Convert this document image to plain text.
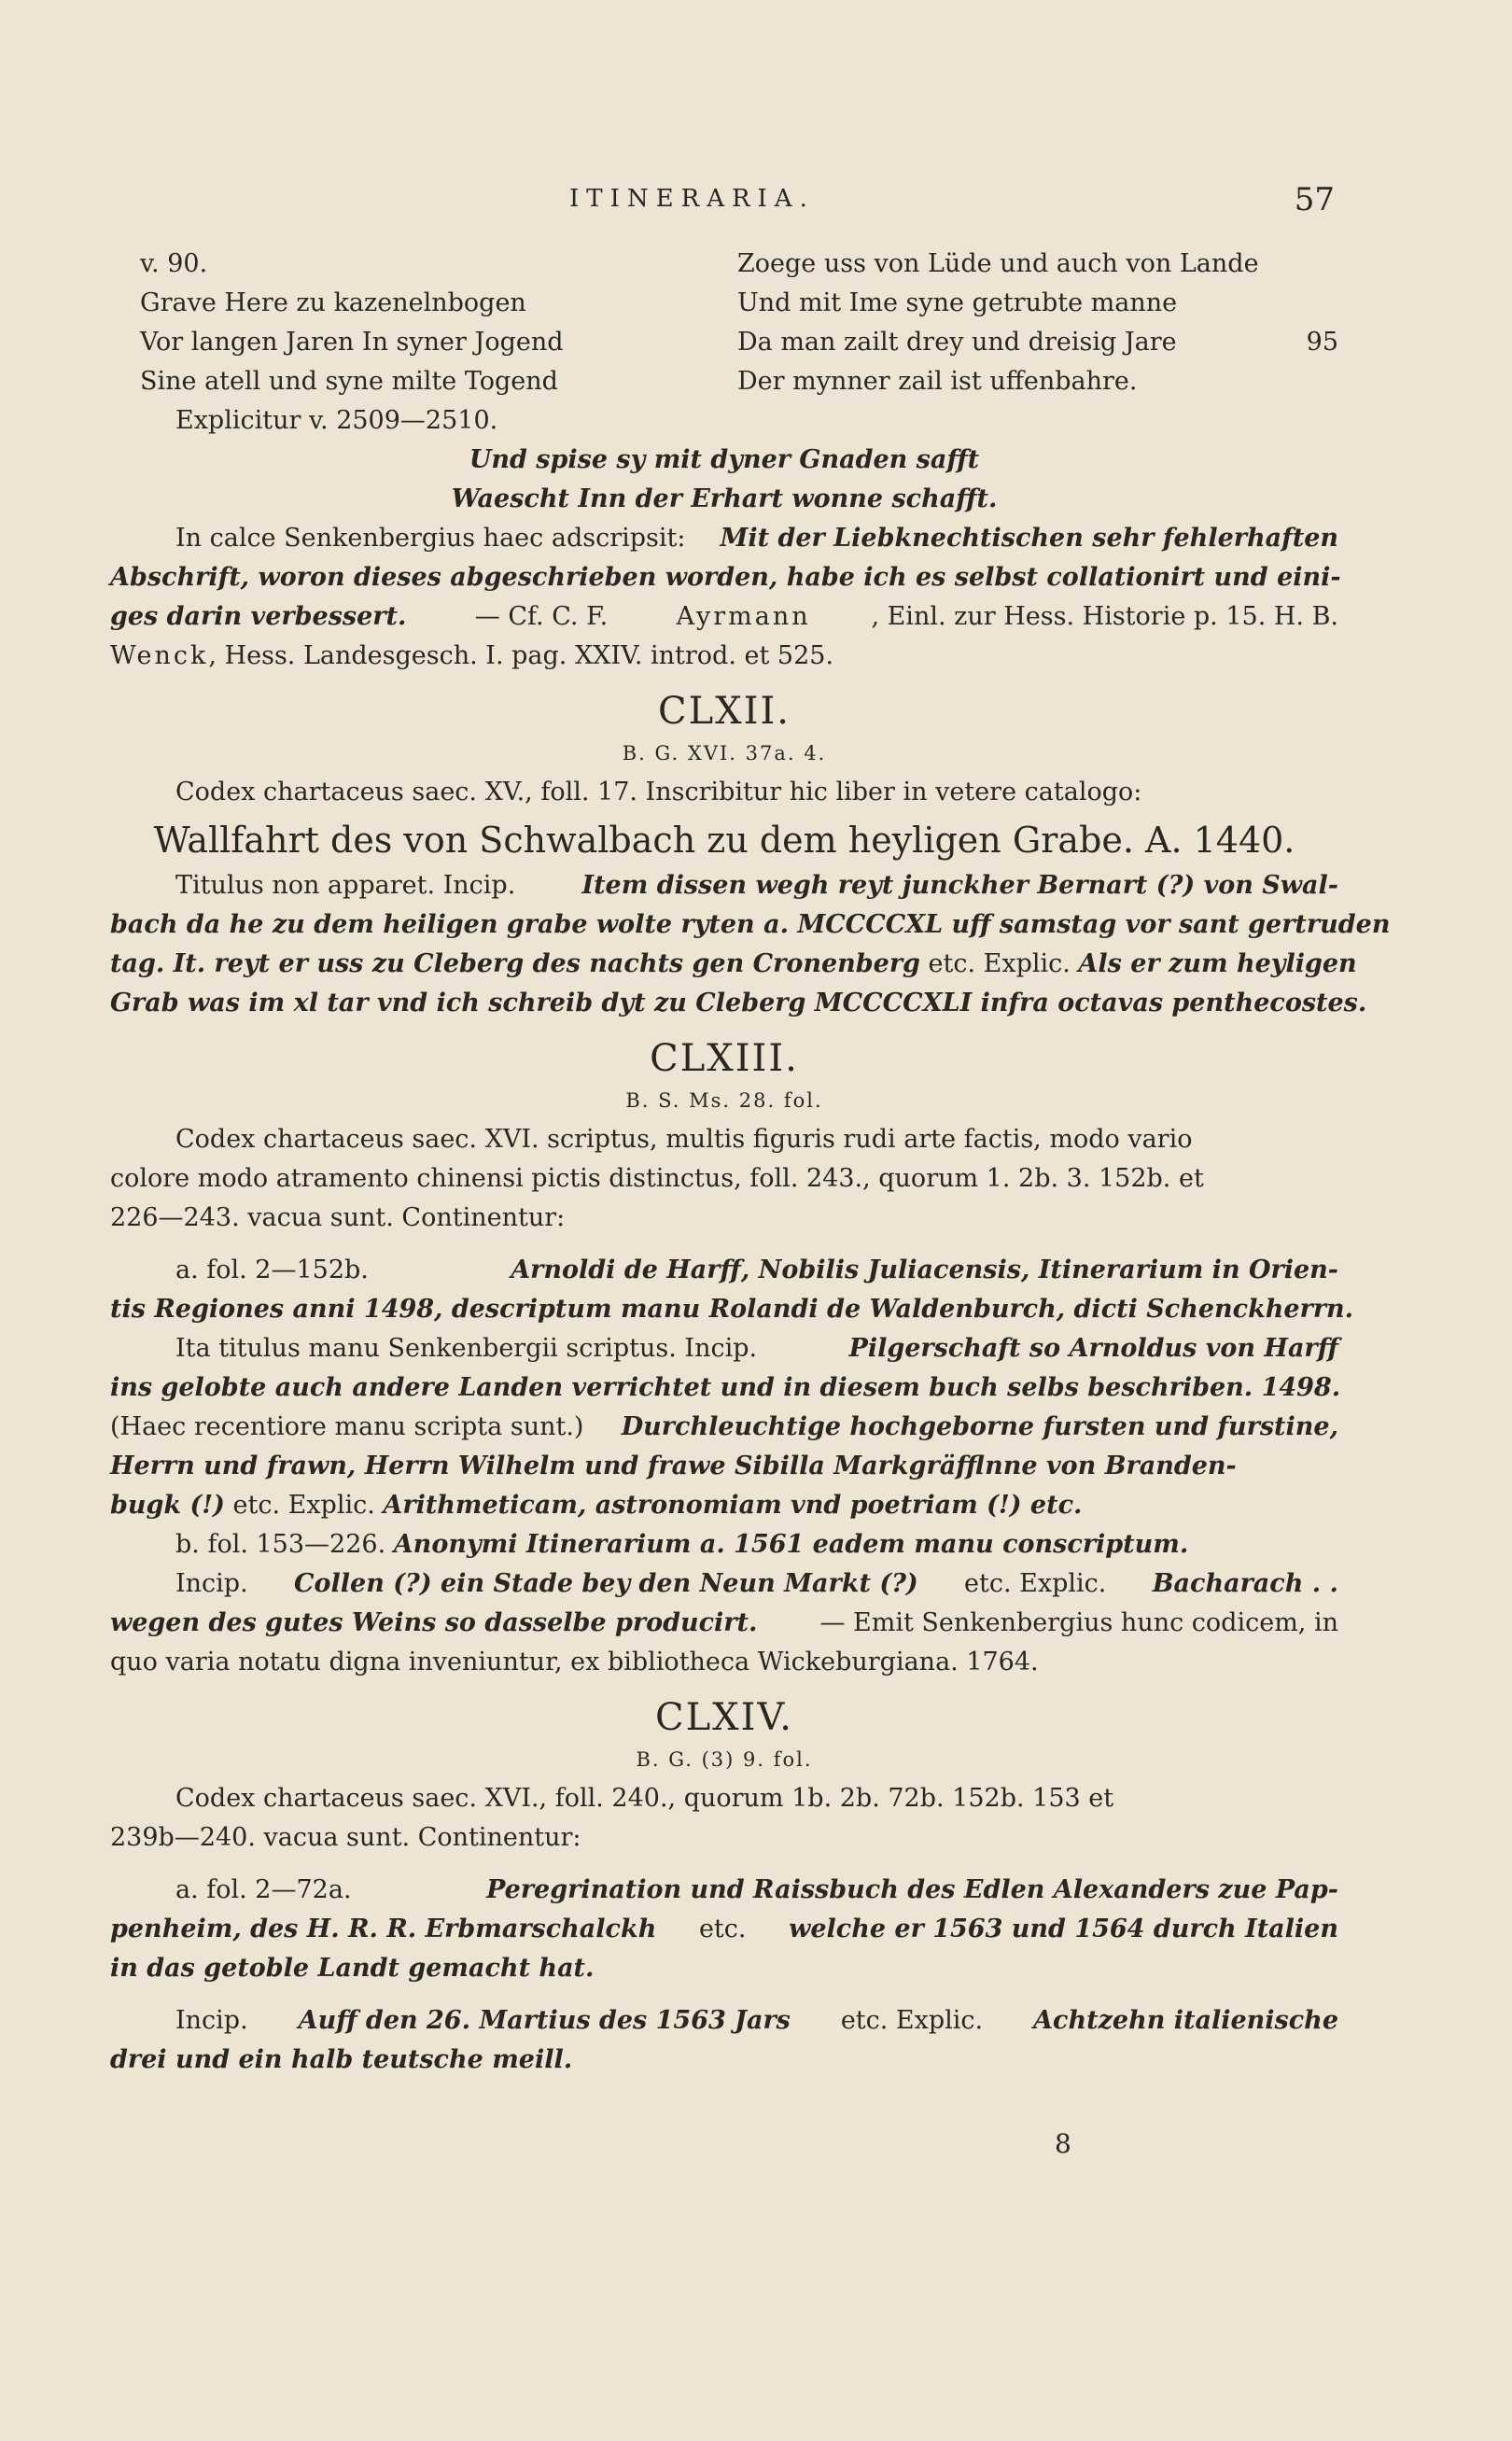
ITINERARIA.	57
v. 90.	Zoege uss von Lüde und auch von Lande
Grave Here zu kazenelnbogen	Und mit Ime syne getrubte manne
Vor langen Jaren In syner Jogend	Da man zailt drey und dreisig Jare	95
Sine atell und syne milte Togend	Der mynner zail ist uffenbahre.
Explicitur v. 2509—2510.
Und spise sy mit dyner Gnaden safft
Waescht Inn der Erhart wonne schafft.
In calce Senkenbergius haec adscripsit: Mit der Liebknechtischen sehr fehlerhaften
Abschrift, woron dieses abgeschrieben worden, habe ich es selbst collationirt und eini-
ges darin verbessert. — Cf. C. F. Ayrmann , Einl. zur Hess. Historie p. 15. H. B.
Wenck, Hess. Landesgesch. I. pag. XXIV. introd. et 525.
CLXII.
B. G. XVI. 37a. 4.
Codex chartaceus saec. XV., foll. 17. Inscribitur hic liber in vetere catalogo:
Wallfahrt des von Schwalbach zu dem heyligen Grabe. A. 1440.
Titulus non apparet. Incip. Item dissen wegh reyt junckher Bernart (?) von Swal-
bach da he zu dem heiligen grabe wolte ryten a. MCCCCXL uff samstag vor sant gertruden
tag. It. reyt er uss zu Cleberg des nachts gen Cronenberg etc. Explic. Als er zum heyligen
Grab was im xl tar vnd ich schreib dyt zu Cleberg MCCCCXLI infra octavas penthecostes.
CLXIII.
B. S. Ms. 28. fol.
Codex chartaceus saec. XVI. scriptus, multis figuris rudi arte factis, modo vario
colore modo atramento chinensi pictis distinctus, foll. 243., quorum 1. 2b. 3. 152b. et
226—243. vacua sunt. Continentur:
a. fol. 2—152b.	Arnoldi de Harff, Nobilis Juliacensis, Itinerarium in Orien-
tis Regiones anni 1498, descriptum manu Rolandi de Waldenburch, dicti Schenckherrn.
Ita titulus manu Senkenbergii scriptus. Incip.	Pilgerschaft so Arnoldus von Harff
ins gelobte auch andere Landen verrichtet und in diesem buch selbs beschriben. 1498.
(Haec recentiore manu scripta sunt.) Durchleuchtige hochgeborne fursten und furstine,
Herrn und frawn, Herrn Wilhelm und frawe Sibilla Markgräfflnne von Branden-
bugk (!) etc. Explic. Arithmeticam, astronomiam vnd poetriam (!) etc.
b. fol. 153—226. Anonymi Itinerarium a. 1561 eadem manu conscriptum.
Incip. Collen (?) ein Stade bey den Neun Markt (?) etc. Explic. Bacharach . .
wegen des gutes Weins so dasselbe producirt. — Emit Senkenbergius hunc codicem, in
quo varia notatu digna inveniuntur, ex bibliotheca Wickeburgiana. 1764.
CLXIV.
B. G. (3) 9. fol.
Codex chartaceus saec. XVI., foll. 240., quorum 1b. 2b. 72b. 152b. 153 et
239b—240. vacua sunt. Continentur:
a. fol. 2—72a.	Peregrination und Raissbuch des Edlen Alexanders zue Pap-
penheim, des H. R. R. Erbmarschalckh etc. welche er 1563 und 1564 durch Italien
in das getoble Landt gemacht hat.
Incip. Auff den 26. Martius des 1563 Jars etc. Explic. Achtzehn italienische
drei und ein halb teutsche meill.
8
